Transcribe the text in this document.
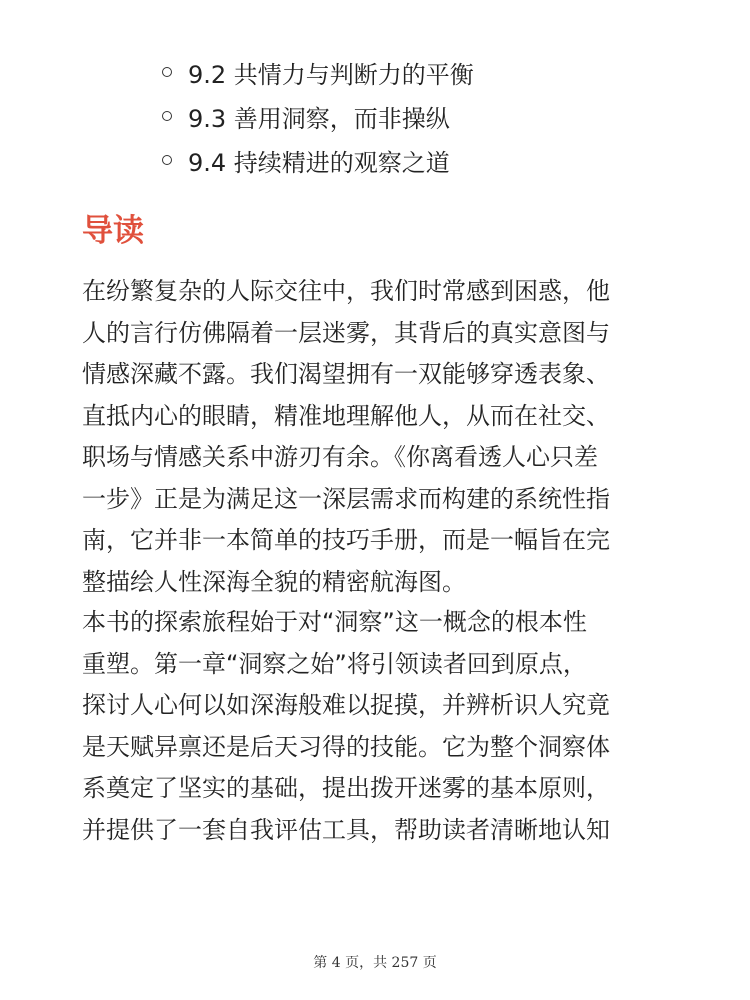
9.2 共情力与判断力的平衡
9.3 善用洞察，而非操纵
9.4 持续精进的观察之道
导读

在纷繁复杂的人际交往中，我们时常感到困惑，他
人的言行仿佛隔着一层迷雾，其背后的真实意图与
情感深藏不露。我们渴望拥有一双能够穿透表象、
直抵内心的眼睛，精准地理解他人，从而在社交、
职场与情感关系中游刃有余。《你离看透人心只差
一步》正是为满足这一深层需求而构建的系统性指
南，它并非一本简单的技巧手册，而是一幅旨在完
整描绘人性深海全貌的精密航海图。

本书的探索旅程始于对“洞察”这一概念的根本性
重塑。第一章“洞察之始”将引领读者回到原点，
探讨人心何以如深海般难以捉摸，并辨析识人究竟
是天赋异禀还是后天习得的技能。它为整个洞察体
系奠定了坚实的基础，提出拨开迷雾的基本原则，
并提供了一套自我评估工具，帮助读者清晰地认知

第 4 页，共 257 页
